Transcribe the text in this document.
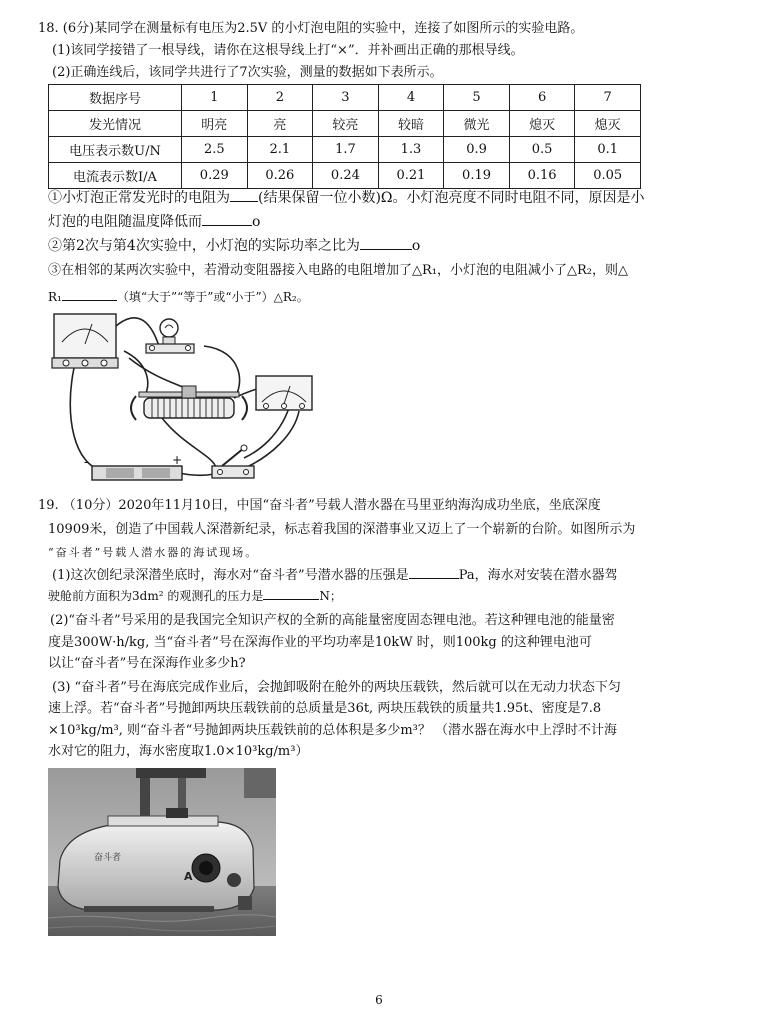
18. (6分)某同学在测量标有电压为2.5V 的小灯泡电阻的实验中，连接了如图所示的实验电路。
(1)该同学接错了一根导线，请你在这根导线上打“×”．并补画出正确的那根导线。
(2)正确连线后，该同学共进行了7次实验，测量的数据如下表所示。
数据序号	1	2	3	4	5	6	7
发光情况	明亮	亮	较亮	较暗	微光	熄灭	熄灭
电压表示数U/N	2.5	2.1	1.7	1.3	0.9	0.5	0.1
电流表示数I/A	0.29	0.26	0.24	0.21	0.19	0.16	0.05
①小灯泡正常发光时的电阻为 (结果保留一位小数)Ω。小灯泡亮度不同时电阻不同，原因是小
灯泡的电阻随温度降低而	o
②第2次与第4次实验中，小灯泡的实际功率之比为	o
③在相邻的某两次实验中，若滑动变阻器接入电路的电阻增加了△R₁，小灯泡的电阻减小了△R₂，则△
R₁	（填“大于”“等于”或“小于”）△R₂。
-	+
19. （10分）2020年11月10日，中国“奋斗者”号载人潜水器在马里亚纳海沟成功坐底，坐底深度
10909米，创造了中国载人深潜新纪录，标志着我国的深潜事业又迈上了一个崭新的台阶。如图所示为
“奋斗者”号载人潜水器的海试现场。
(1)这次创纪录深潜坐底时，海水对“奋斗者”号潜水器的压强是	Pa，海水对安装在潜水器驾
驶舱前方面积为3dm² 的观测孔的压力是	N；
(2)“奋斗者”号采用的是我国完全知识产权的全新的高能量密度固态锂电池。若这种锂电池的能量密
度是300W·h/kg, 当“奋斗者”号在深海作业的平均功率是10kW 时，则100kg 的这种锂电池可
以让“奋斗者”号在深海作业多少h?
(3) “奋斗者”号在海底完成作业后，会抛卸吸附在舱外的两块压载铁，然后就可以在无动力状态下匀
速上浮。若“奋斗者”号抛卸两块压载铁前的总质量是36t, 两块压载铁的质量共1.95t、密度是7.8
×10³kg/m³, 则“奋斗者“号抛卸两块压载铁前的总体积是多少m³？ （潜水器在海水中上浮时不计海
水对它的阻力，海水密度取1.0×10³kg/m³）
奋斗者
A
6
